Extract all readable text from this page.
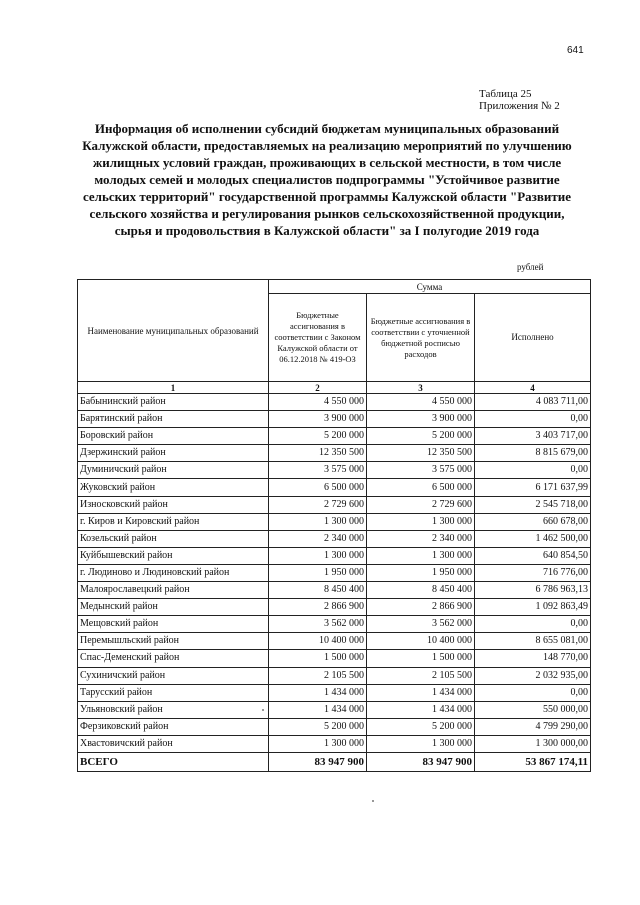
641
Таблица 25
Приложения № 2
Информация об исполнении субсидий бюджетам муниципальных образований Калужской области, предоставляемых на реализацию мероприятий по улучшению жилищных условий граждан, проживающих в сельской местности, в том числе молодых семей и молодых специалистов подпрограммы "Устойчивое развитие сельских территорий" государственной программы Калужской области "Развитие сельского хозяйства и регулирования рынков сельскохозяйственной продукции, сырья и продовольствия в Калужской области" за I полугодие 2019 года
рублей
Наименование муниципальных образований	Сумма		
	Бюджетные ассигнования в соответствии с Законом Калужской области от 06.12.2018 № 419-ОЗ	Бюджетные ассигнования в соответствии с уточненной бюджетной росписью расходов	Исполнено
1	2	3	4
Бабынинский район	4 550 000	4 550 000	4 083 711,00
Барятинский район	3 900 000	3 900 000	0,00
Боровский район	5 200 000	5 200 000	3 403 717,00
Дзержинский район	12 350 500	12 350 500	8 815 679,00
Думиничский район	3 575 000	3 575 000	0,00
Жуковский район	6 500 000	6 500 000	6 171 637,99
Износковский район	2 729 600	2 729 600	2 545 718,00
г. Киров и Кировский район	1 300 000	1 300 000	660 678,00
Козельский район	2 340 000	2 340 000	1 462 500,00
Куйбышевский район	1 300 000	1 300 000	640 854,50
г. Людиново и Людиновский район	1 950 000	1 950 000	716 776,00
Малоярославецкий район	8 450 400	8 450 400	6 786 963,13
Медынский район	2 866 900	2 866 900	1 092 863,49
Мещовский район	3 562 000	3 562 000	0,00
Перемышльский район	10 400 000	10 400 000	8 655 081,00
Спас-Деменский район	1 500 000	1 500 000	148 770,00
Сухиничский район	2 105 500	2 105 500	2 032 935,00
Тарусский район	1 434 000	1 434 000	0,00
Ульяновский район	1 434 000	1 434 000	550 000,00
Ферзиковский район	5 200 000	5 200 000	4 799 290,00
Хвастовичский район	1 300 000	1 300 000	1 300 000,00
ВСЕГО	83 947 900	83 947 900	53 867 174,11
